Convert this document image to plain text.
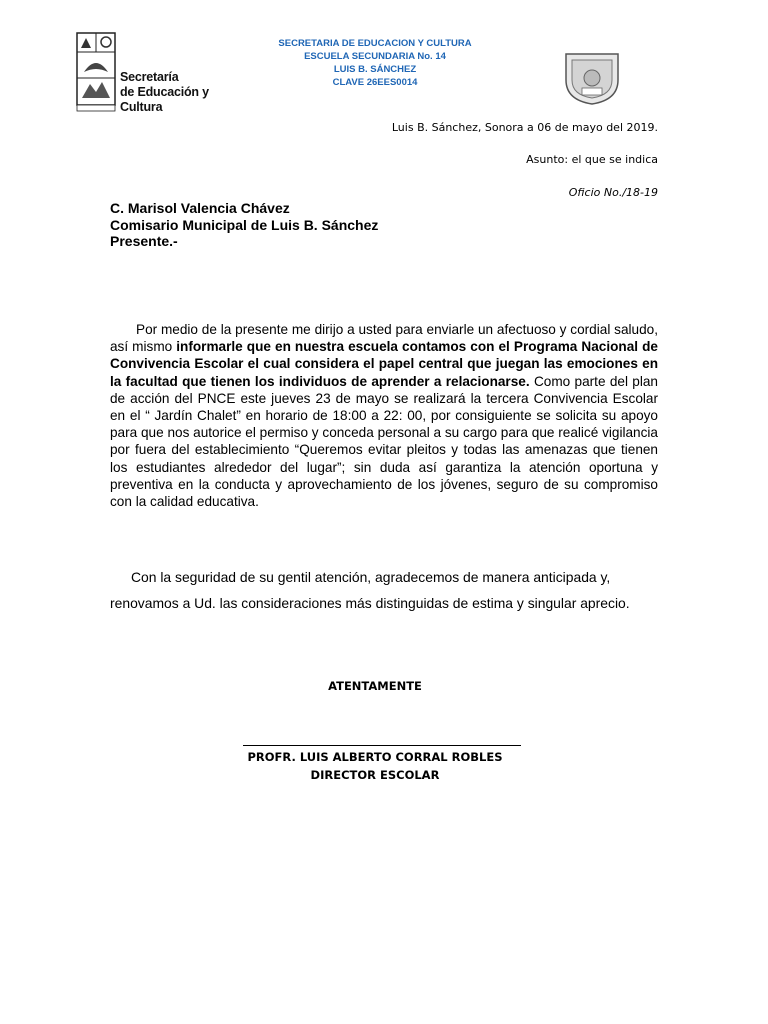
Secretaría
de Educación y Cultura
SECRETARIA DE EDUCACION Y CULTURA
ESCUELA SECUNDARIA No. 14
LUIS B. SÁNCHEZ
CLAVE 26EES0014
Luis B. Sánchez, Sonora a 06 de mayo del 2019.
Asunto: el que se indica
Oficio No./18-19
C. Marisol Valencia Chávez
Comisario Municipal de Luis B. Sánchez
Presente.-
Por medio de la presente me dirijo a usted para enviarle un afectuoso y cordial saludo, así mismo informarle que en nuestra escuela contamos con el Programa Nacional de Convivencia Escolar el cual considera el papel central que juegan las emociones en la facultad que tienen los individuos de aprender a relacionarse. Como parte del plan de acción del PNCE este jueves 23 de mayo se realizará la tercera Convivencia Escolar en el “ Jardín Chalet” en horario de 18:00 a 22: 00, por consiguiente se solicita su apoyo para que nos autorice el permiso y conceda personal a su cargo para que realicé vigilancia por fuera del establecimiento “Queremos evitar pleitos y todas las amenazas que tienen los estudiantes alrededor del lugar”; sin duda así garantiza la atención oportuna y preventiva en la conducta y aprovechamiento de los jóvenes, seguro de su compromiso con la calidad educativa.
Con la seguridad de su gentil atención, agradecemos de manera anticipada y, renovamos a Ud. las consideraciones más distinguidas de estima y singular aprecio.
ATENTAMENTE
PROFR. LUIS ALBERTO CORRAL ROBLES
DIRECTOR ESCOLAR
